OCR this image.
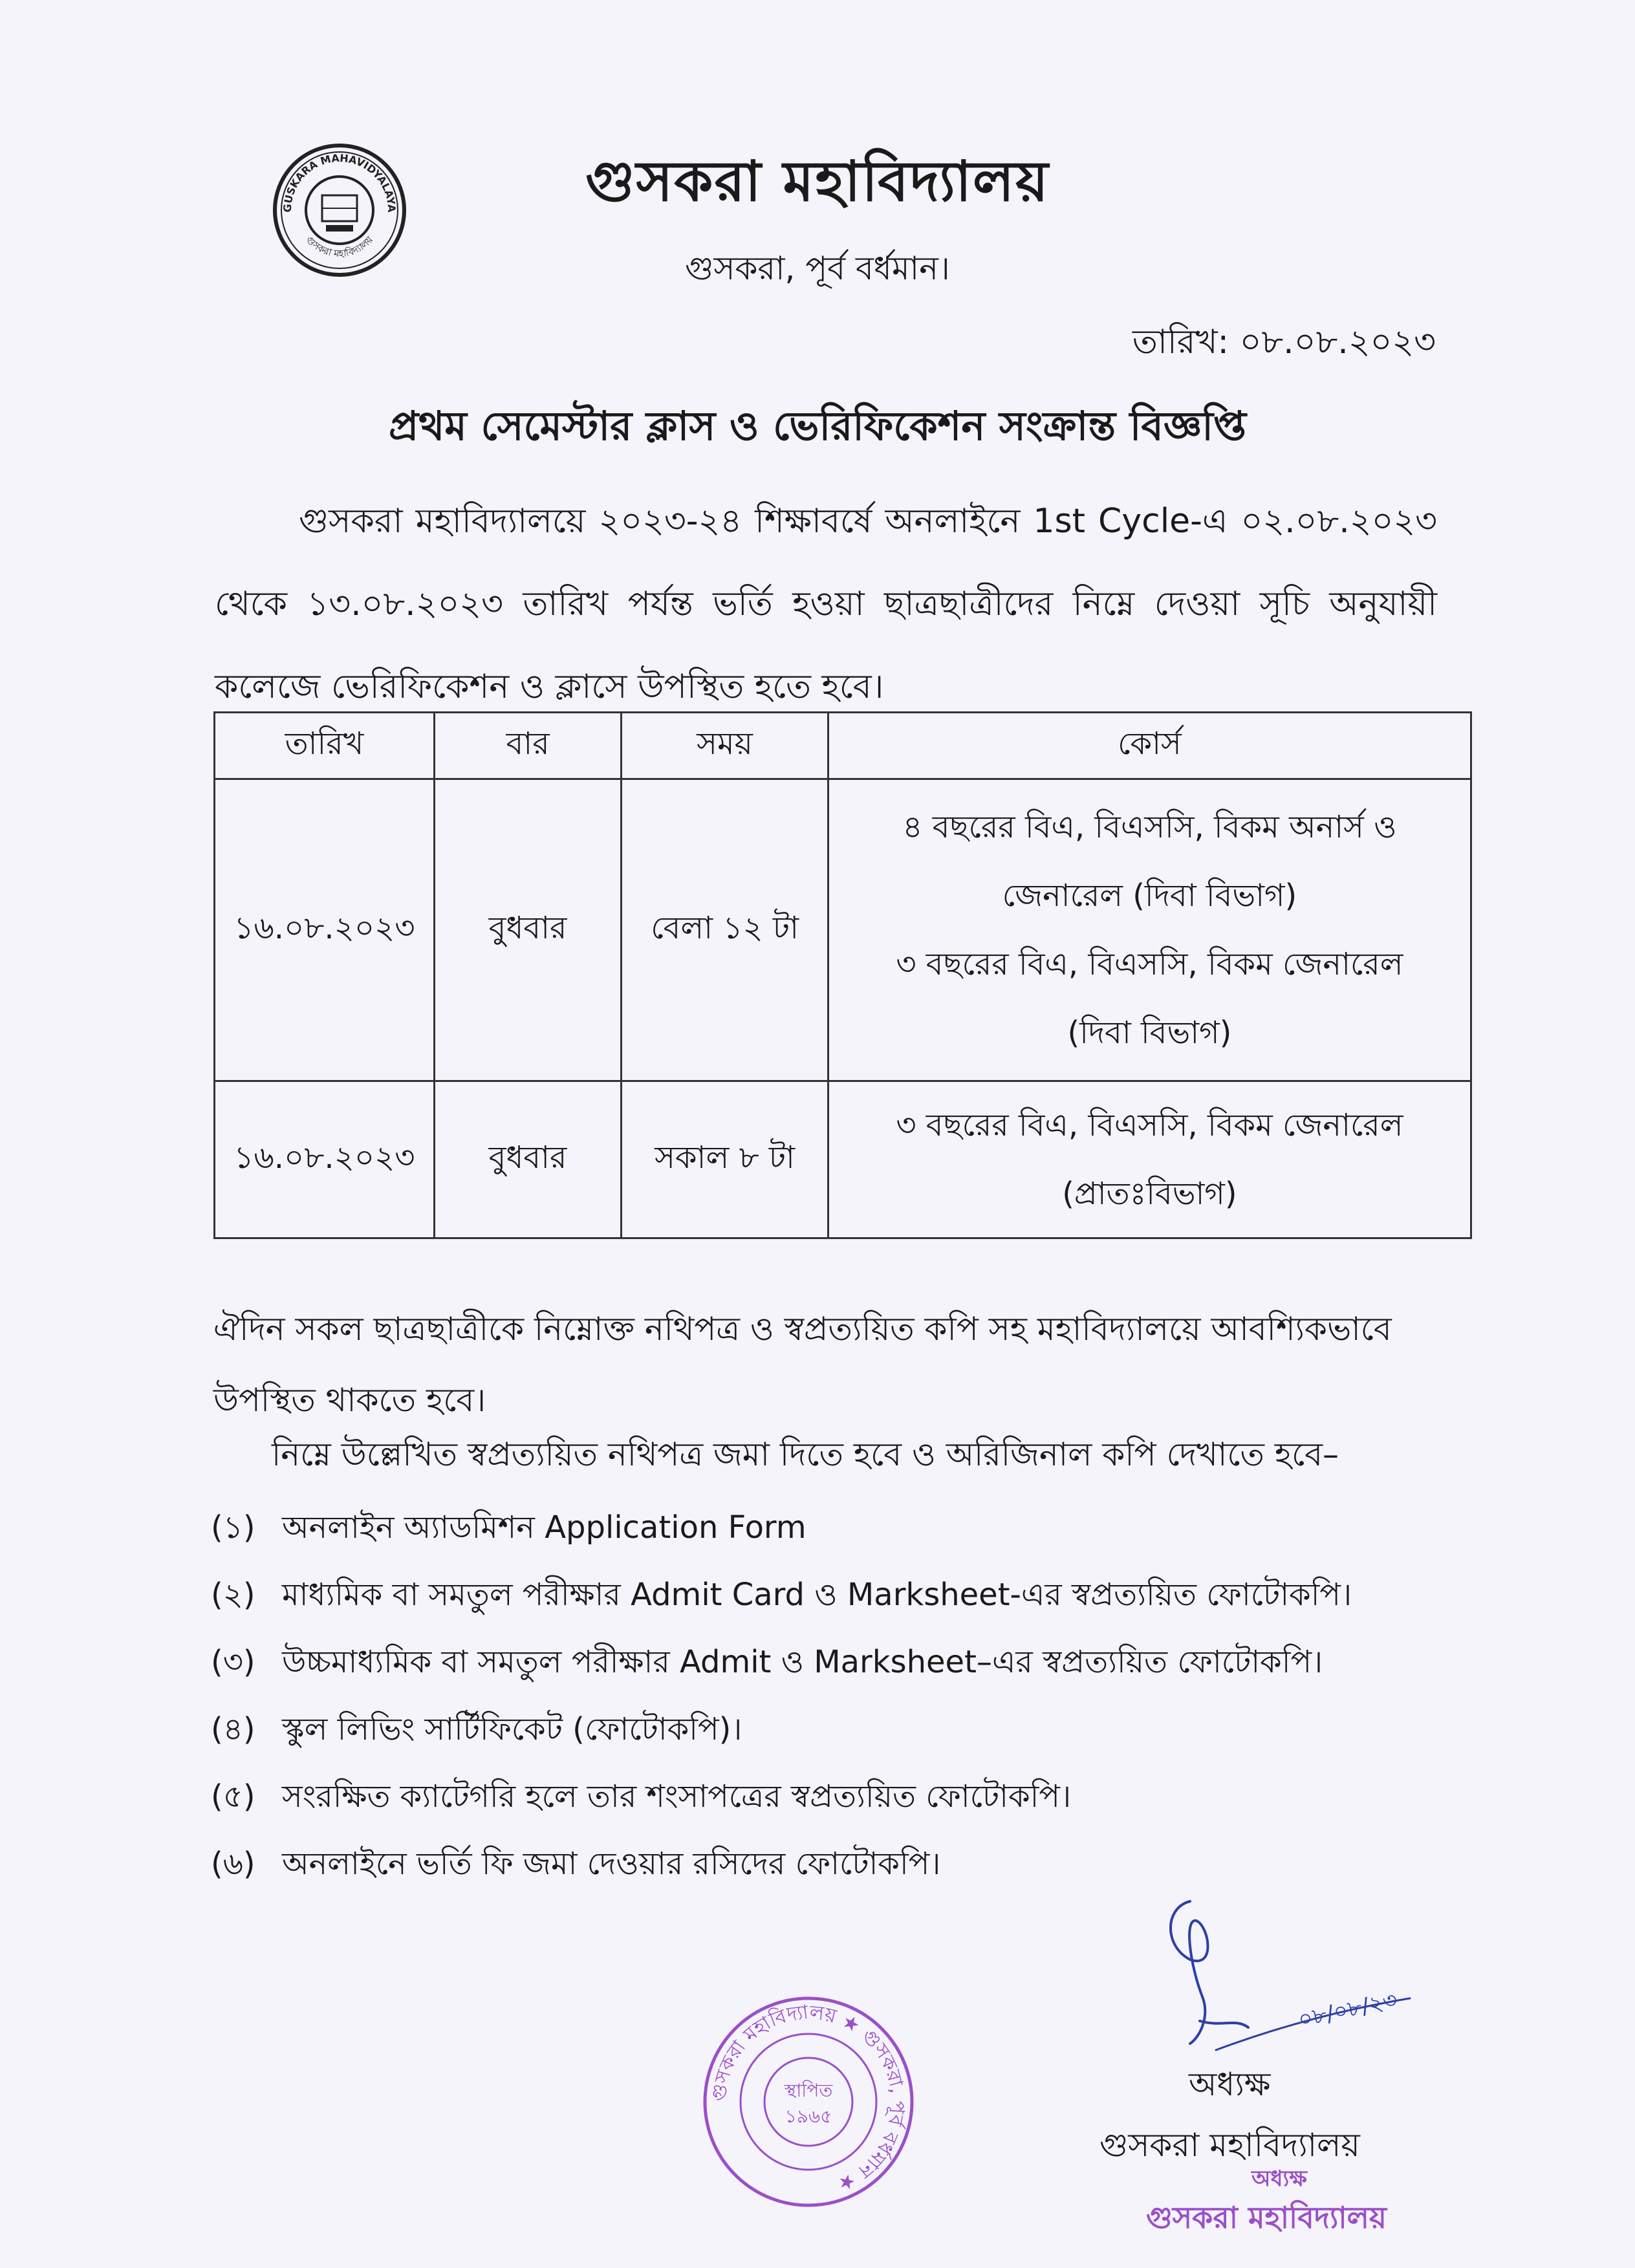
GUSKARA MAHAVIDYALAYA
গুসকরা মহাবিদ্যালয়
গুসকরা মহাবিদ্যালয়
গুসকরা, পূর্ব বর্ধমান।
তারিখ: ০৮.০৮.২০২৩
প্রথম সেমেস্টার ক্লাস ও ভেরিফিকেশন সংক্রান্ত বিজ্ঞপ্তি
গুসকরা মহাবিদ্যালয়ে ২০২৩-২৪ শিক্ষাবর্ষে অনলাইনে 1st Cycle-এ ০২.০৮.২০২৩ থেকে ১৩.০৮.২০২৩ তারিখ পর্যন্ত ভর্তি হওয়া ছাত্রছাত্রীদের নিম্নে দেওয়া সূচি অনুযায়ী কলেজে ভেরিফিকেশন ও ক্লাসে উপস্থিত হতে হবে।
তারিখ	বার	সময়	কোর্স
১৬.০৮.২০২৩	বুধবার	বেলা ১২ টা	৪ বছরের বিএ, বিএসসি, বিকম অনার্স ও
জেনারেল (দিবা বিভাগ)
৩ বছরের বিএ, বিএসসি, বিকম জেনারেল
(দিবা বিভাগ)

১৬.০৮.২০২৩	বুধবার	সকাল ৮ টা	৩ বছরের বিএ, বিএসসি, বিকম জেনারেল
(প্রাতঃবিভাগ)
ঐদিন সকল ছাত্রছাত্রীকে নিম্নোক্ত নথিপত্র ও স্বপ্রত্যয়িত কপি সহ মহাবিদ্যালয়ে আবশ্যিকভাবে উপস্থিত থাকতে হবে।
নিম্নে উল্লেখিত স্বপ্রত্যয়িত নথিপত্র জমা দিতে হবে ও অরিজিনাল কপি দেখাতে হবে–
(১) অনলাইন অ্যাডমিশন Application Form
(২) মাধ্যমিক বা সমতুল পরীক্ষার Admit Card ও Marksheet-এর স্বপ্রত্যয়িত ফোটোকপি।
(৩) উচ্চমাধ্যমিক বা সমতুল পরীক্ষার Admit ও Marksheet–এর স্বপ্রত্যয়িত ফোটোকপি।
(৪) স্কুল লিভিং সার্টিফিকেট (ফোটোকপি)।
(৫) সংরক্ষিত ক্যাটেগরি হলে তার শংসাপত্রের স্বপ্রত্যয়িত ফোটোকপি।
(৬) অনলাইনে ভর্তি ফি জমা দেওয়ার রসিদের ফোটোকপি।
০৮/০৮/২৩
গুসকরা মহাবিদ্যালয় ★ গুসকরা, পূর্ব বর্ধমান ★
স্থাপিত
১৯৬৫
অধ্যক্ষ
গুসকরা মহাবিদ্যালয়
অধ্যক্ষ
গুসকরা মহাবিদ্যালয়
